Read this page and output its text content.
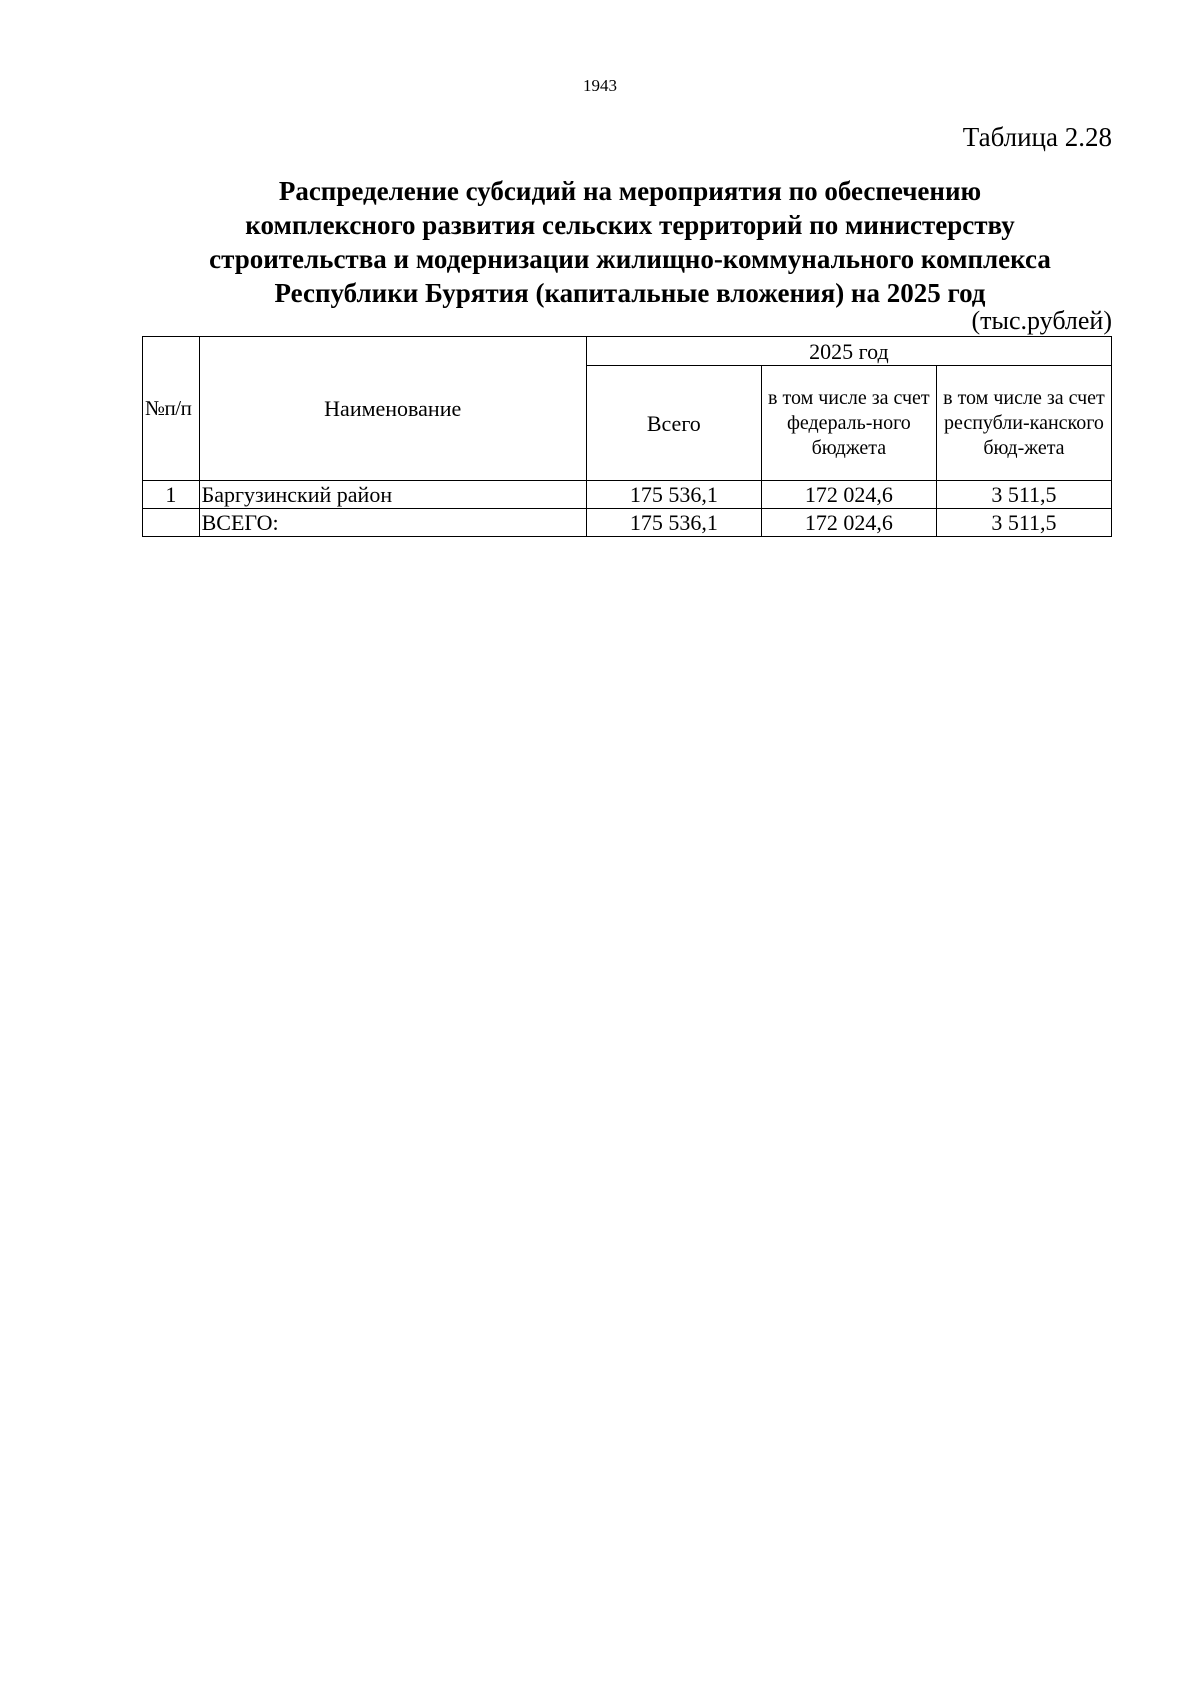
1943
Таблица 2.28
Распределение субсидий на мероприятия по обеспечению
комплексного развития сельских территорий по министерству
строительства и модернизации жилищно-коммунального комплекса
Республики Бурятия (капитальные вложения) на 2025 год
(тыс.рублей)
№п/п	Наименование	2025 год		
		Всего	в том числе за счет федераль-ного бюджета	в том числе за счет республи-канского бюд-жета
1	Баргузинский район	175 536,1	172 024,6	3 511,5
	ВСЕГО:	175 536,1	172 024,6	3 511,5
